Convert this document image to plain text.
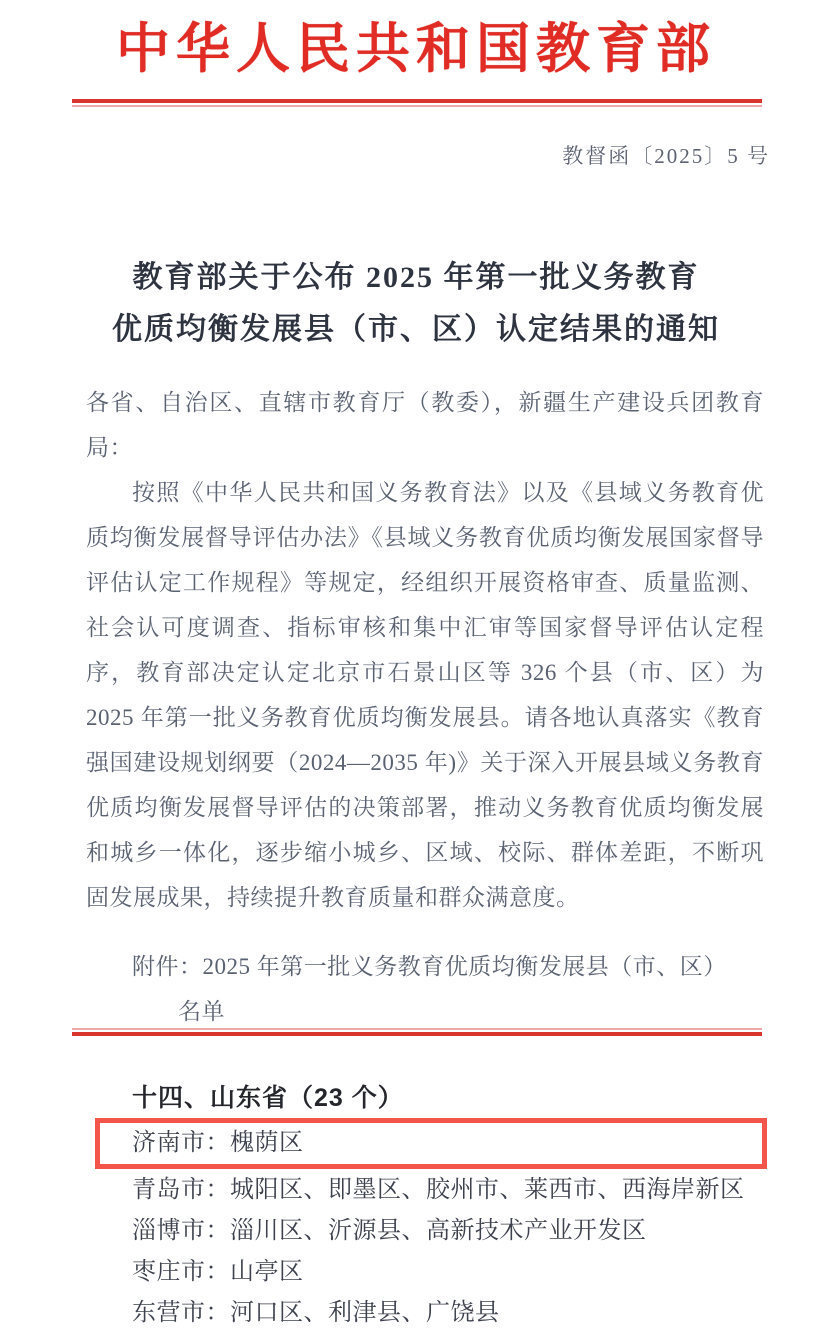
中华人民共和国教育部
教督函〔2025〕5 号
教育部关于公布 2025 年第一批义务教育
优质均衡发展县（市、区）认定结果的通知

各省、自治区、直辖市教育厅（教委），新疆生产建设兵团教育局：

按照《中华人民共和国义务教育法》以及《县域义务教育优质均衡发展督导评估办法》《县域义务教育优质均衡发展国家督导评估认定工作规程》等规定，经组织开展资格审查、质量监测、社会认可度调查、指标审核和集中汇审等国家督导评估认定程序，教育部决定认定北京市石景山区等 326 个县（市、区）为 2025 年第一批义务教育优质均衡发展县。请各地认真落实《教育强国建设规划纲要（2024—2035 年)》关于深入开展县域义务教育优质均衡发展督导评估的决策部署，推动义务教育优质均衡发展和城乡一体化，逐步缩小城乡、区域、校际、群体差距，不断巩固发展成果，持续提升教育质量和群众满意度。

附件：2025 年第一批义务教育优质均衡发展县（市、区）
名单
十四、山东省（23 个）
济南市：槐荫区
青岛市：城阳区、即墨区、胶州市、莱西市、西海岸新区
淄博市：淄川区、沂源县、高新技术产业开发区
枣庄市：山亭区
东营市：河口区、利津县、广饶县
